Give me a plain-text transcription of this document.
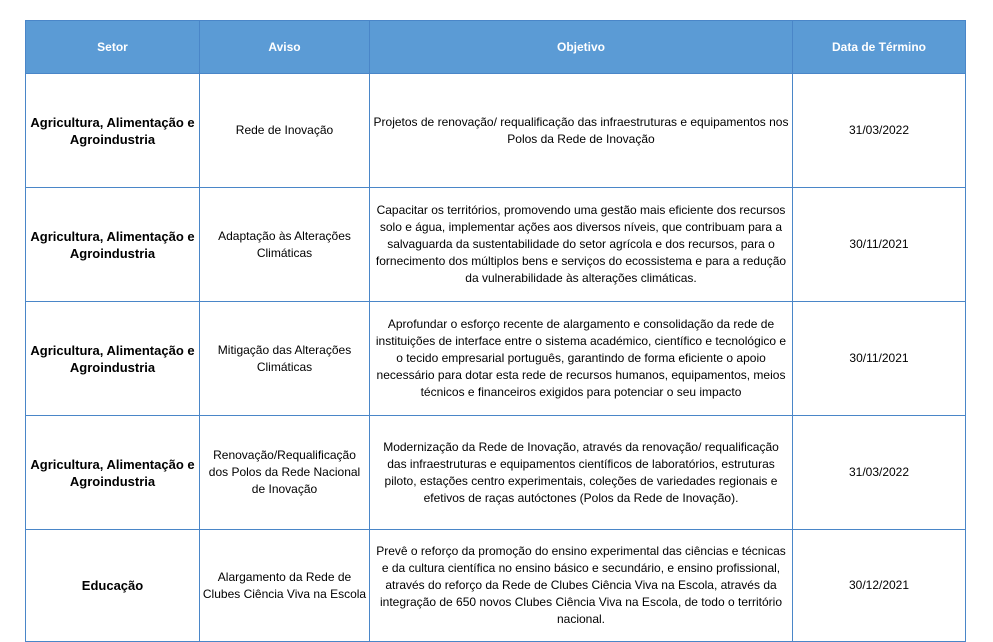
Setor	Aviso	Objetivo	Data de Término
Agricultura, Alimentação e Agroindustria	Rede de Inovação	Projetos de renovação/ requalificação das infraestruturas e equipamentos nos Polos da Rede de Inovação	31/03/2022
Agricultura, Alimentação e Agroindustria	Adaptação às Alterações Climáticas	Capacitar os territórios, promovendo uma gestão mais eficiente dos recursos solo e água, implementar ações aos diversos níveis, que contribuam para a salvaguarda da sustentabilidade do setor agrícola e dos recursos, para o fornecimento dos múltiplos bens e serviços do ecossistema e para a redução da vulnerabilidade às alterações climáticas.	30/11/2021
Agricultura, Alimentação e Agroindustria	Mitigação das Alterações Climáticas	Aprofundar o esforço recente de alargamento e consolidação da rede de instituições de interface entre o sistema académico, científico e tecnológico e o tecido empresarial português, garantindo de forma eficiente o apoio necessário para dotar esta rede de recursos humanos, equipamentos, meios técnicos e financeiros exigidos para potenciar o seu impacto	30/11/2021
Agricultura, Alimentação e Agroindustria	Renovação/Requalificação dos Polos da Rede Nacional de Inovação	Modernização da Rede de Inovação, através da renovação/ requalificação das infraestruturas e equipamentos científicos de laboratórios, estruturas piloto, estações centro experimentais, coleções de variedades regionais e efetivos de raças autóctones (Polos da Rede de Inovação).	31/03/2022
Educação	Alargamento da Rede de Clubes Ciência Viva na Escola	Prevê o reforço da promoção do ensino experimental das ciências e técnicas e da cultura científica no ensino básico e secundário, e ensino profissional, através do reforço da Rede de Clubes Ciência Viva na Escola, através da integração de 650 novos Clubes Ciência Viva na Escola, de todo o território nacional.	30/12/2021
